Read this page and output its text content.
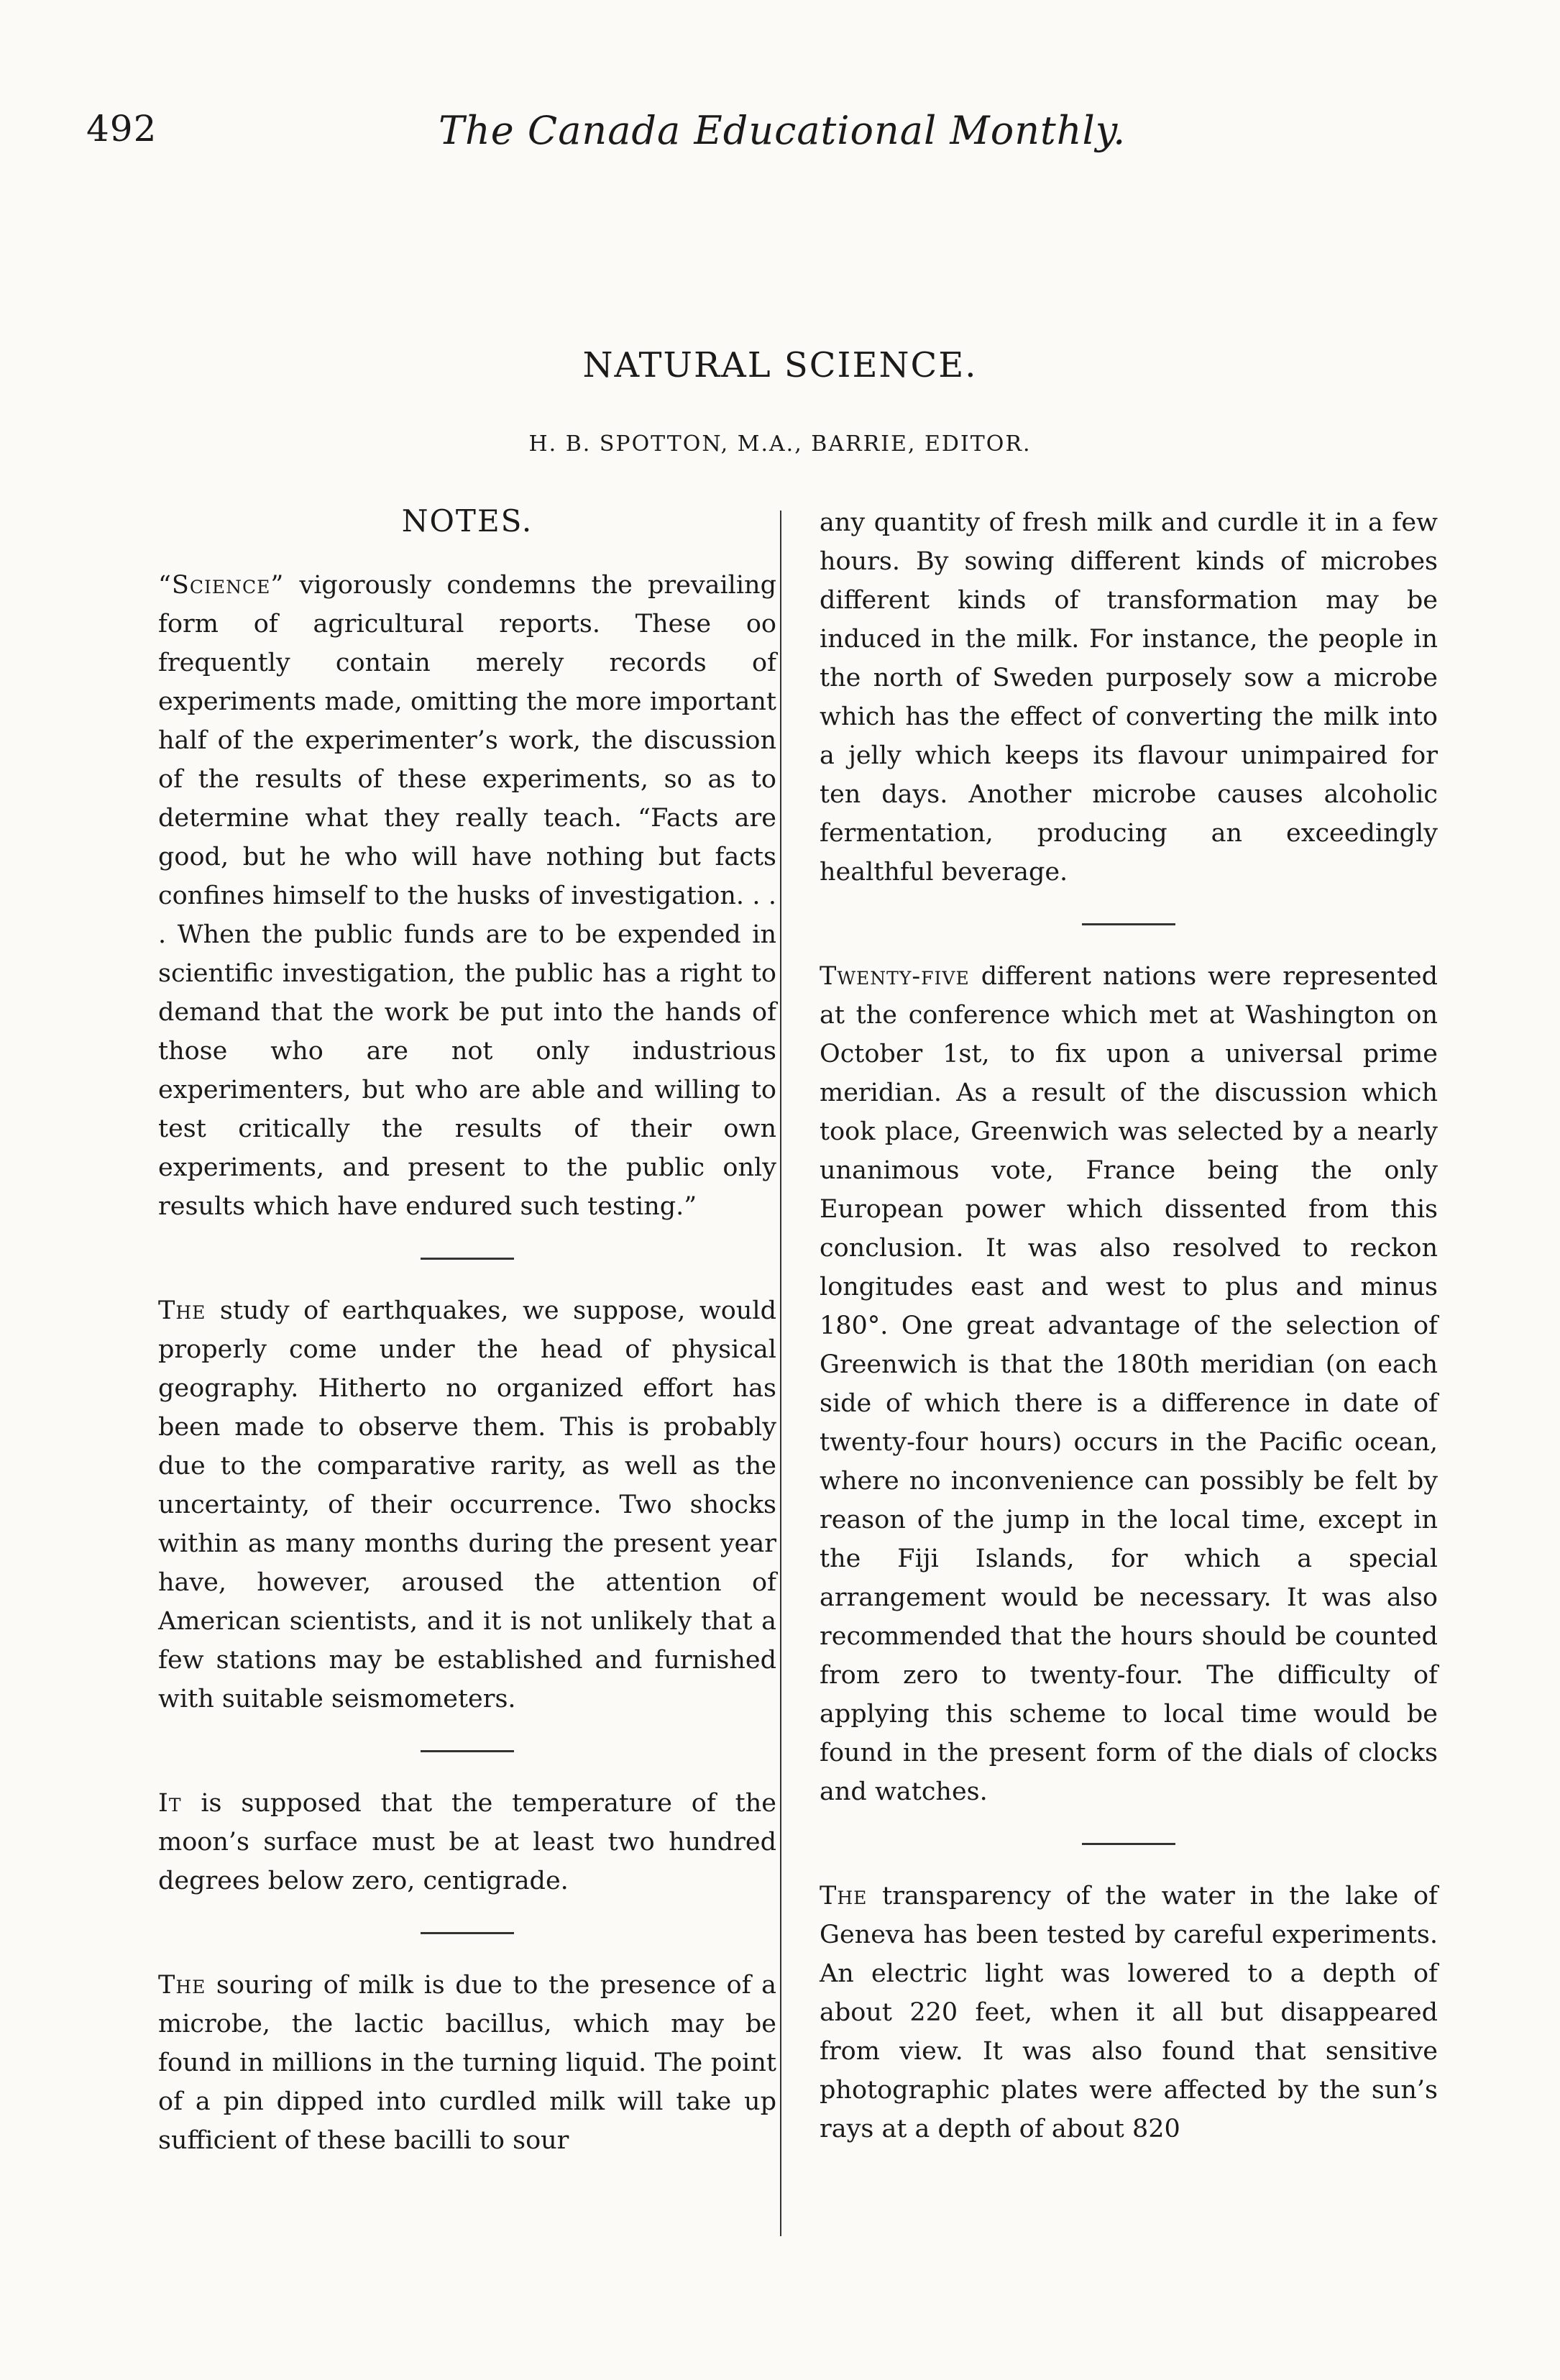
492	The Canada Educational Monthly.
NATURAL SCIENCE.
H. B. SPOTTON, M.A., BARRIE, EDITOR.
NOTES.

“Science” vigorously condemns the prevailing form of agricultural reports. These oo frequently contain merely records of experiments made, omitting the more important half of the experimenter’s work, the discussion of the results of these experiments, so as to determine what they really teach. “Facts are good, but he who will have nothing but facts confines himself to the husks of investigation. . . . When the public funds are to be expended in scientific investigation, the public has a right to demand that the work be put into the hands of those who are not only industrious experimenters, but who are able and willing to test critically the results of their own experiments, and present to the public only results which have endured such testing.”

The study of earthquakes, we suppose, would properly come under the head of physical geography. Hitherto no organized effort has been made to observe them. This is probably due to the comparative rarity, as well as the uncertainty, of their occurrence. Two shocks within as many months during the present year have, however, aroused the attention of American scientists, and it is not unlikely that a few stations may be established and furnished with suitable seismometers.

It is supposed that the temperature of the moon’s surface must be at least two hundred degrees below zero, centigrade.

The souring of milk is due to the presence of a microbe, the lactic bacillus, which may be found in millions in the turning liquid. The point of a pin dipped into curdled milk will take up sufficient of these bacilli to sour

any quantity of fresh milk and curdle it in a few hours. By sowing different kinds of microbes different kinds of transformation may be induced in the milk. For instance, the people in the north of Sweden purposely sow a microbe which has the effect of converting the milk into a jelly which keeps its flavour unimpaired for ten days. Another microbe causes alcoholic fermentation, producing an exceedingly healthful beverage.

Twenty-five different nations were represented at the conference which met at Washington on October 1st, to fix upon a universal prime meridian. As a result of the discussion which took place, Greenwich was selected by a nearly unanimous vote, France being the only European power which dissented from this conclusion. It was also resolved to reckon longitudes east and west to plus and minus 180°. One great advantage of the selection of Greenwich is that the 180th meridian (on each side of which there is a difference in date of twenty-four hours) occurs in the Pacific ocean, where no inconvenience can possibly be felt by reason of the jump in the local time, except in the Fiji Islands, for which a special arrangement would be necessary. It was also recommended that the hours should be counted from zero to twenty-four. The difficulty of applying this scheme to local time would be found in the present form of the dials of clocks and watches.

The transparency of the water in the lake of Geneva has been tested by careful experiments. An electric light was lowered to a depth of about 220 feet, when it all but disappeared from view. It was also found that sensitive photographic plates were affected by the sun’s rays at a depth of about 820
